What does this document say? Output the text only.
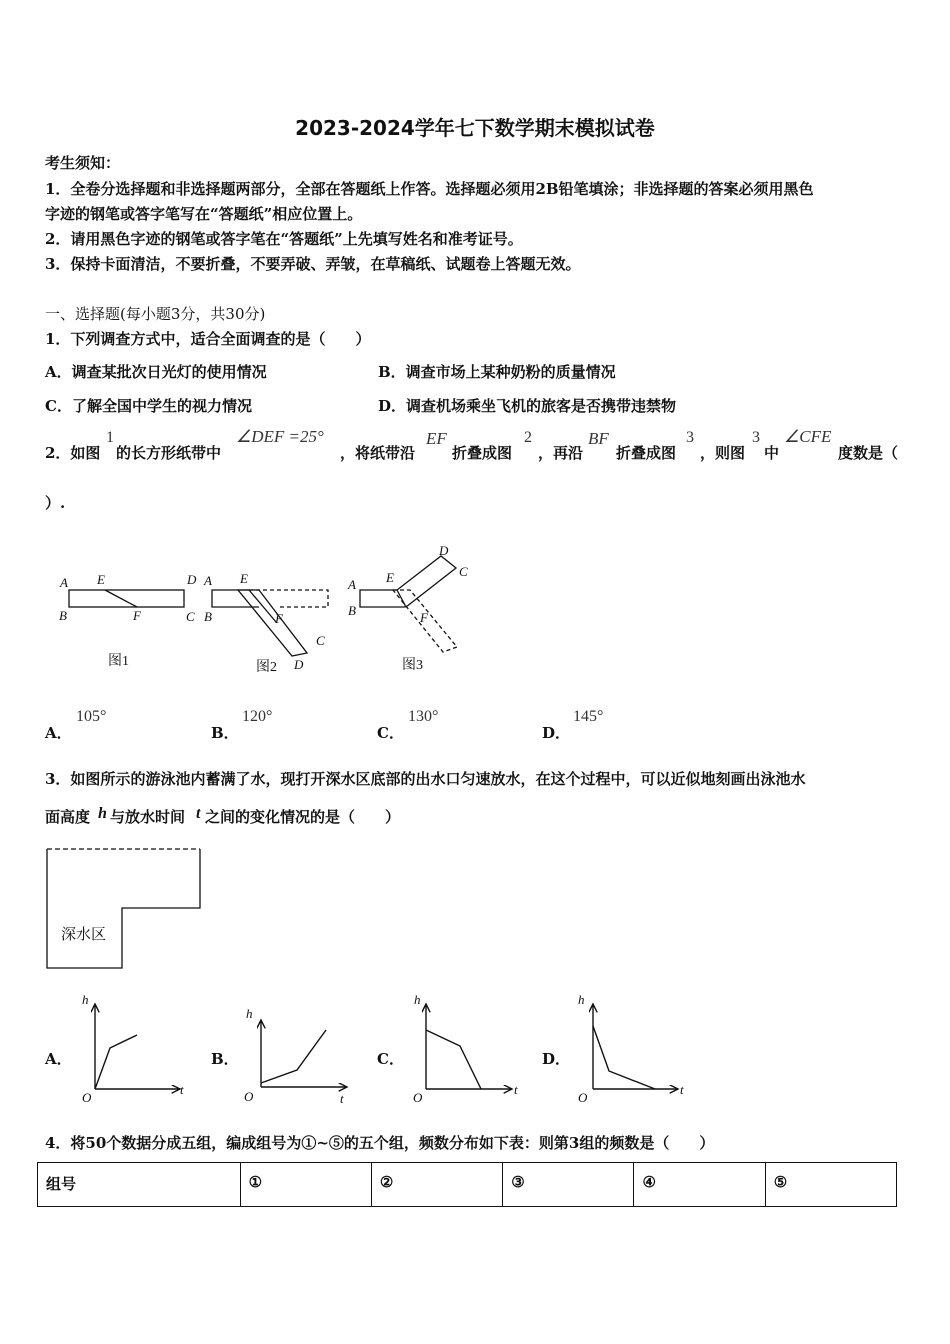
2023-2024学年七下数学期末模拟试卷
考生须知：
1．全卷分选择题和非选择题两部分，全部在答题纸上作答。选择题必须用2B铅笔填涂；非选择题的答案必须用黑色
字迹的钢笔或答字笔写在“答题纸”相应位置上。
2．请用黑色字迹的钢笔或答字笔在“答题纸”上先填写姓名和准考证号。
3．保持卡面清洁，不要折叠，不要弄破、弄皱，在草稿纸、试题卷上答题无效。
一、选择题(每小题3分，共30分)
1．下列调查方式中，适合全面调查的是（　　）
A．调查某批次日光灯的使用情况	B．调查市场上某种奶粉的质量情况
C．了解全国中学生的视力情况	D．调查机场乘坐飞机的旅客是否携带违禁物
2．如图
1
的长方形纸带中
∠DEF =25°
，将纸带沿
EF
折叠成图
2
，再沿
BF
折叠成图
3
，则图
3
中
∠CFE
度数是（
）.
A E	D
B	F	C
图1
A E
B	F
C
D
图2
A E
D
C
B	F
图3
A．
105°
B．
120°
C．
130°
D．
145°
3．如图所示的游泳池内蓄满了水，现打开深水区底部的出水口匀速放水，在这个过程中，可以近似地刻画出泳池水
面高度 h 与放水时间 t 之间的变化情况的是（　　）
深水区
A．
h
t
O
B．
h
t
O
C．
h
t
O
D．
h
t
O
4．将50个数据分成五组，编成组号为①~⑤的五个组，频数分布如下表：则第3组的频数是（　　）
组号	①	②	③	④	⑤
